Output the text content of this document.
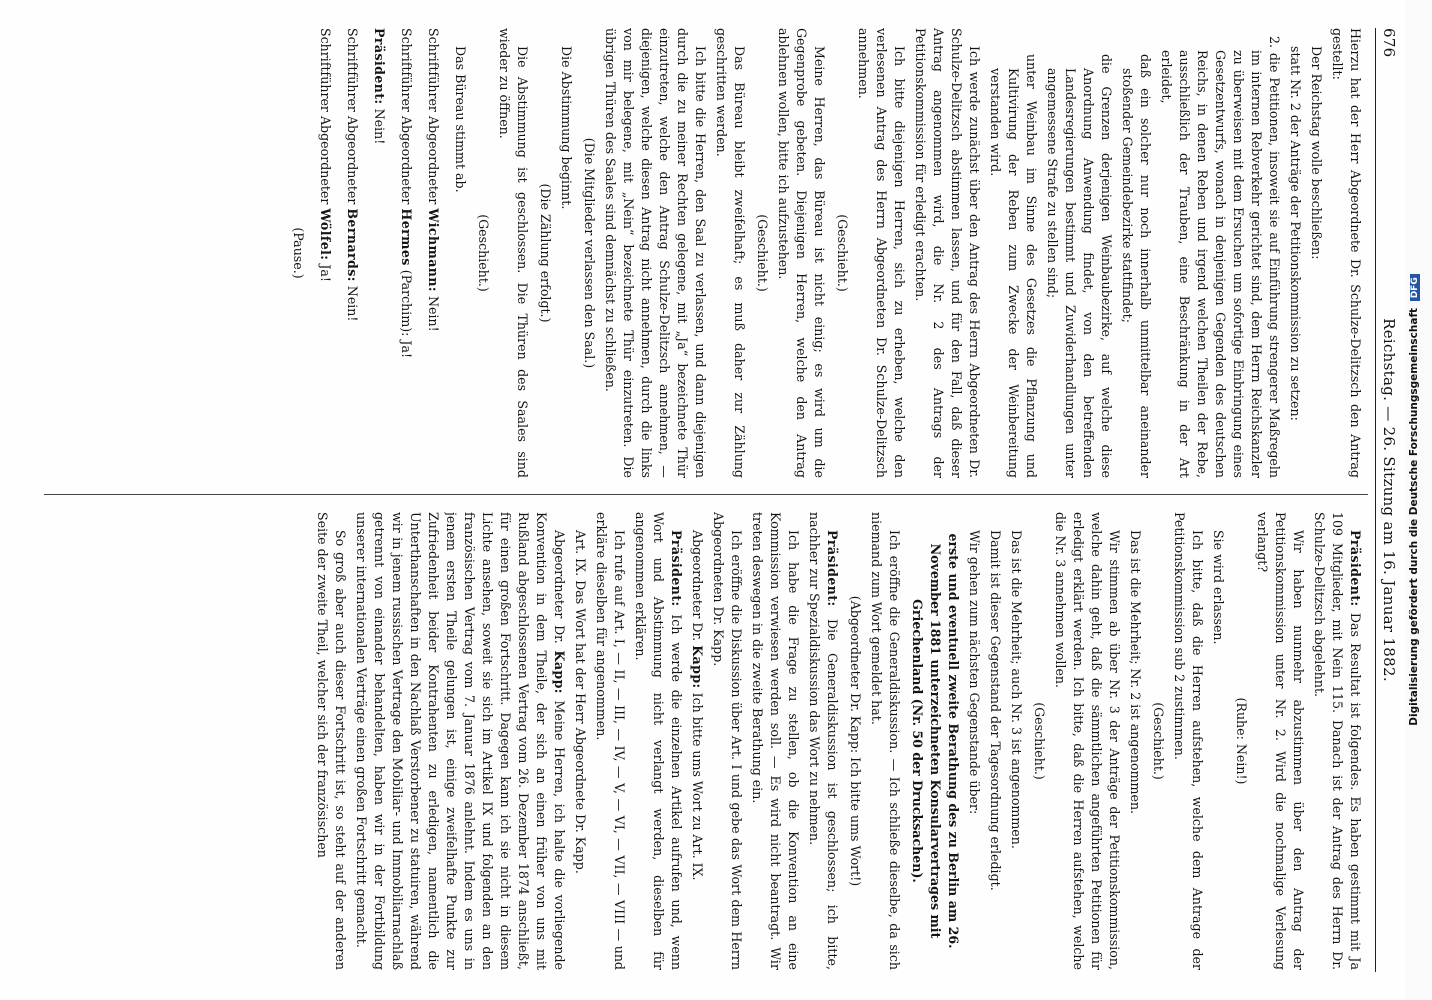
676
Reichstag. — 26. Sitzung am 16. Januar 1882.

Hierzu hat der Herr Abgeordnete Dr. Schulze-Delitzsch den Antrag gestellt:

Der Reichstag wolle beschließen:

statt Nr. 2 der Anträge der Petitionskommission zu setzen:

2. die Petitionen, insoweit sie auf Einführung strengerer Maßregeln im internen Rebverkehr gerichtet sind, dem Herrn Reichskanzler zu überweisen mit dem Ersuchen um sofortige Einbringung eines Gesetzentwurfs, wonach in denjenigen Gegenden des deutschen Reichs, in denen Reben und irgend welchen Theilen der Rebe, ausschließlich der Trauben, eine Beschränkung in der Art erleidet,

daß ein solcher nur noch innerhalb unmittelbar aneinander stoßender Gemeindebezirke stattfindet;

die Grenzen derjenigen Weinbaubezirke, auf welche diese Anordnung Anwendung findet, von den betreffenden Landesregierungen bestimmt und Zuwiderhandlungen unter angemessene Strafe zu stellen sind;

unter Weinbau im Sinne des Gesetzes die Pflanzung und Kultivirung der Reben zum Zwecke der Weinbereitung verstanden wird.

Ich werde zunächst über den Antrag des Herrn Abgeordneten Dr. Schulze-Delitzsch abstimmen lassen, und für den Fall, daß dieser Antrag angenommen wird, die Nr. 2 des Antrags der Petitionskommission für erledigt erachten.

Ich bitte diejenigen Herren, sich zu erheben, welche den verlesenen Antrag des Herrn Abgeordneten Dr. Schulze-Delitzsch annehmen.

(Geschieht.)

Meine Herren, das Büreau ist nicht einig; es wird um die Gegenprobe gebeten. Diejenigen Herren, welche den Antrag ablehnen wollen, bitte ich aufzustehen.

(Geschieht.)

Das Büreau bleibt zweifelhaft; es muß daher zur Zählung geschritten werden.

Ich bitte die Herren, den Saal zu verlassen, und dann diejenigen durch die zu meiner Rechten gelegene, mit „Ja“ bezeichnete Thür einzutreten, welche den Antrag Schulze-Delitzsch annehmen, — diejenigen, welche diesen Antrag nicht annehmen, durch die links von mir belegene, mit „Nein“ bezeichnete Thür einzutreten. Die übrigen Thüren des Saales sind demnächst zu schließen.

(Die Mitglieder verlassen den Saal.)

Die Abstimmung beginnt.

(Die Zählung erfolgt.)

Die Abstimmung ist geschlossen. Die Thüren des Saales sind wieder zu öffnen.

(Geschieht.)

Das Büreau stimmt ab.

Schriftführer Abgeordneter Wichmann: Nein!

Schriftführer Abgeordneter Hermes (Parchim): Ja!

Präsident: Nein!

Schriftführer Abgeordneter Bernards: Nein!

Schriftführer Abgeordneter Wölfel: Ja!

(Pause.)

Präsident: Das Resultat ist folgendes. Es haben gestimmt mit Ja 109 Mitglieder, mit Nein 115. Danach ist der Antrag des Herrn Dr. Schulze-Delitzsch abgelehnt.

Wir haben nunmehr abzustimmen über den Antrag der Petitionskommission unter Nr. 2. Wird die nochmalige Verlesung verlangt?

(Ruhe: Nein!)

Sie wird erlassen.

Ich bitte, daß die Herren aufstehen, welche dem Antrage der Petitionskommission sub 2 zustimmen.

(Geschieht.)

Das ist die Mehrheit; Nr. 2 ist angenommen.

Wir stimmen ab über Nr. 3 der Anträge der Petitionskommission, welche dahin geht, daß die sämmtlichen angeführten Petitionen für erledigt erklärt werden. Ich bitte, daß die Herren aufstehen, welche die Nr. 3 annehmen wollen.

(Geschieht.)

Das ist die Mehrheit; auch Nr. 3 ist angenommen.

Damit ist dieser Gegenstand der Tagesordnung erledigt.

Wir gehen zum nächsten Gegenstande über:

erste und eventuell zweite Berathung des zu Berlin am 26. November 1881 unterzeichneten Konsularvertrages mit Griechenland (Nr. 50 der Drucksachen).

Ich eröffne die Generaldiskussion. — Ich schließe dieselbe, da sich niemand zum Wort gemeldet hat.

(Abgeordneter Dr. Kapp: Ich bitte ums Wort!)

Präsident: Die Generaldiskussion ist geschlossen; ich bitte, nachher zur Spezialdiskussion das Wort zu nehmen.

Ich habe die Frage zu stellen, ob die Konvention an eine Kommission verwiesen werden soll. — Es wird nicht beantragt. Wir treten deswegen in die zweite Berathung ein.

Ich eröffne die Diskussion über Art. I und gebe das Wort dem Herrn Abgeordneten Dr. Kapp.

Abgeordneter Dr. Kapp: Ich bitte ums Wort zu Art. IX.

Präsident: Ich werde die einzelnen Artikel aufrufen und, wenn Wort und Abstimmung nicht verlangt werden, dieselben für angenommen erklären.

Ich rufe auf Art. I, — II, — III, — IV, — V, — VI, — VII, — VIII — und erkläre dieselben für angenommen.

Art. IX. Das Wort hat der Herr Abgeordnete Dr. Kapp.

Abgeordneter Dr. Kapp: Meine Herren, ich halte die vorliegende Konvention in dem Theile, der sich an einen früher von uns mit Rußland abgeschlossenen Vertrag vom 26. Dezember 1874 anschließt, für einen großen Fortschritt. Dagegen kann ich sie nicht in diesem Lichte ansehen, soweit sie sich im Artikel IX und folgenden an den französischen Vertrag vom 7. Januar 1876 anlehnt. Indem es uns in jenem ersten Theile gelungen ist, einige zweifelhafte Punkte zur Zufriedenheit beider Kontrahenten zu erledigen, namentlich die Unterthanschaften in den Nachlaß Verstorbener zu statuiren, während wir in jenem russischen Vertrage den Mobiliar- und Immobiliarnachlaß getrennt von einander behandelten, haben wir in der Fortbildung unserer internationalen Verträge einen großen Fortschritt gemacht.

So groß aber auch dieser Fortschritt ist, so steht auf der anderen Seite der zweite Theil, welcher sich der französischen	Digitalisierung gefördert durch die Deutsche Forschungsgemeinschaft DFG
